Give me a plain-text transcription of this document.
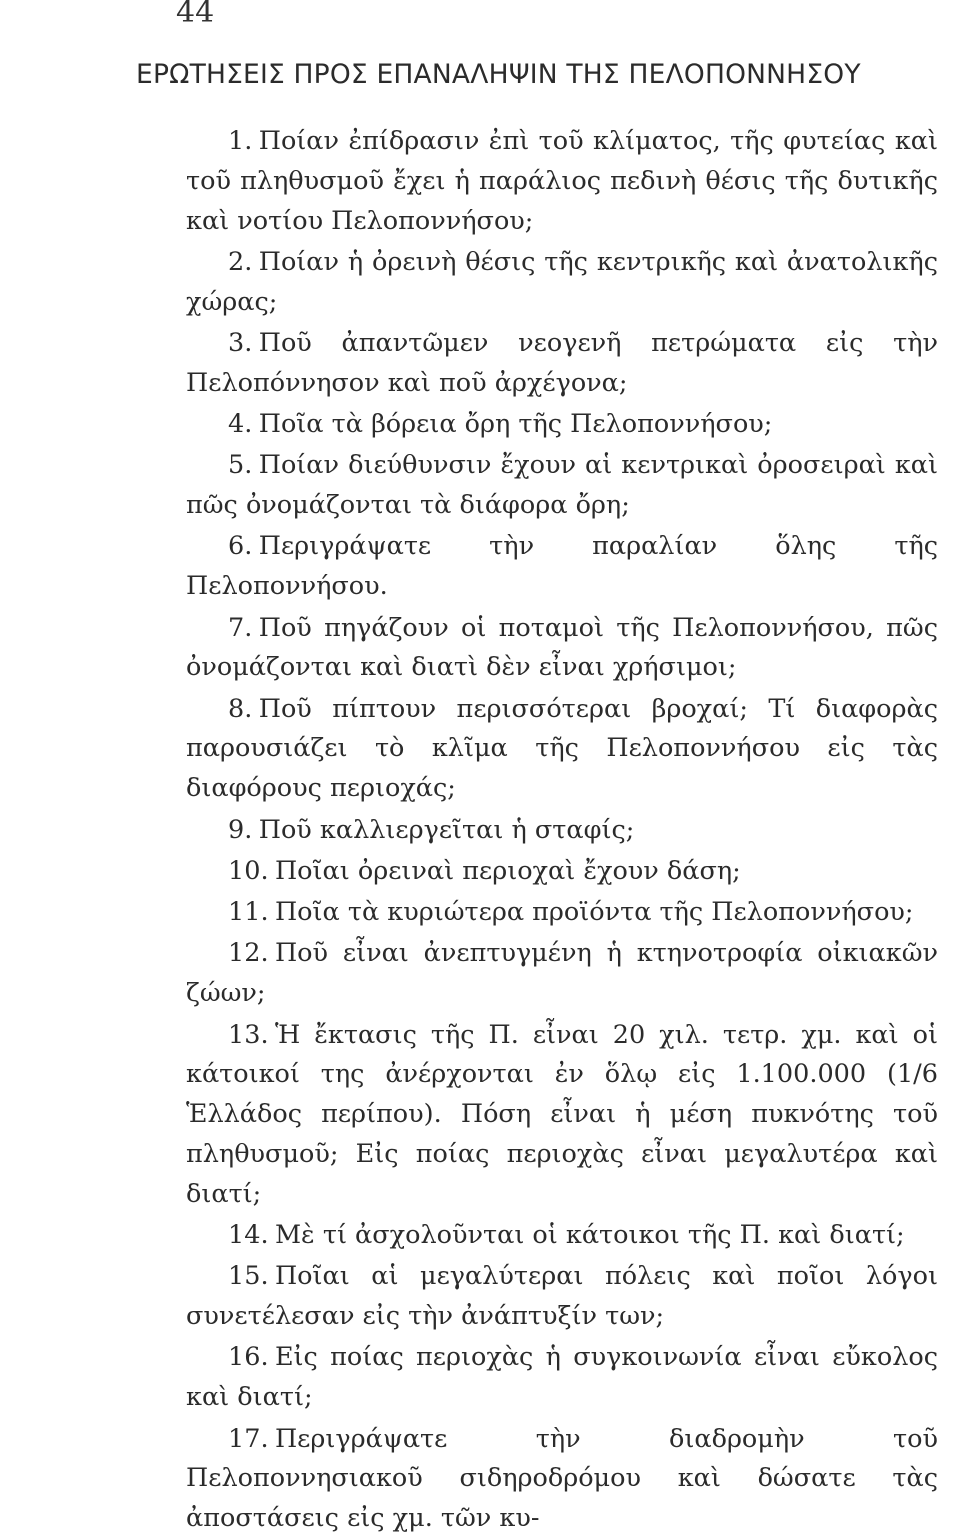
44
ΕΡΩΤΗΣΕΙΣ ΠΡΟΣ ΕΠΑΝΑΛΗΨΙΝ ΤΗΣ ΠΕΛΟΠΟΝΝΗΣΟΥ

1. Ποίαν ἐπίδρασιν ἐπὶ τοῦ κλίματος, τῆς φυτείας καὶ τοῦ πληθυσμοῦ ἔχει ἡ παράλιος πεδινὴ θέσις τῆς δυτικῆς καὶ νοτίου Πελοποννήσου;

2. Ποίαν ἡ ὀρεινὴ θέσις τῆς κεντρικῆς καὶ ἀνατολικῆς χώρας;

3. Ποῦ ἀπαντῶμεν νεογενῆ πετρώματα εἰς τὴν Πελοπόννησον καὶ ποῦ ἀρχέγονα;

4. Ποῖα τὰ βόρεια ὄρη τῆς Πελοποννήσου;

5. Ποίαν διεύθυνσιν ἔχουν αἱ κεντρικαὶ ὀροσειραὶ καὶ πῶς ὀνομάζονται τὰ διάφορα ὄρη;

6. Περιγράψατε τὴν παραλίαν ὅλης τῆς Πελοποννήσου.

7. Ποῦ πηγάζουν οἱ ποταμοὶ τῆς Πελοποννήσου, πῶς ὀνομάζονται καὶ διατὶ δὲν εἶναι χρήσιμοι;

8. Ποῦ πίπτουν περισσότεραι βροχαί; Τί διαφορὰς παρουσιάζει τὸ κλῖμα τῆς Πελοποννήσου εἰς τὰς διαφόρους περιοχάς;

9. Ποῦ καλλιεργεῖται ἡ σταφίς;

10. Ποῖαι ὀρειναὶ περιοχαὶ ἔχουν δάση;

11. Ποῖα τὰ κυριώτερα προϊόντα τῆς Πελοποννήσου;

12. Ποῦ εἶναι ἀνεπτυγμένη ἡ κτηνοτροφία οἰκιακῶν ζώων;

13. Ἡ ἔκτασις τῆς Π. εἶναι 20 χιλ. τετρ. χμ. καὶ οἱ κάτοικοί της ἀνέρχονται ἐν ὅλῳ εἰς 1.100.000 (1/6 Ἑλλάδος περίπου). Πόση εἶναι ἡ μέση πυκνότης τοῦ πληθυσμοῦ; Εἰς ποίας περιοχὰς εἶναι μεγαλυτέρα καὶ διατί;

14. Μὲ τί ἀσχολοῦνται οἱ κάτοικοι τῆς Π. καὶ διατί;

15. Ποῖαι αἱ μεγαλύτεραι πόλεις καὶ ποῖοι λόγοι συνετέλεσαν εἰς τὴν ἀνάπτυξίν των;

16. Εἰς ποίας περιοχὰς ἡ συγκοινωνία εἶναι εὔκολος καὶ διατί;

17. Περιγράψατε τὴν διαδρομὴν τοῦ Πελοποννησιακοῦ σιδηροδρόμου καὶ δώσατε τὰς ἀποστάσεις εἰς χμ. τῶν κυ-
